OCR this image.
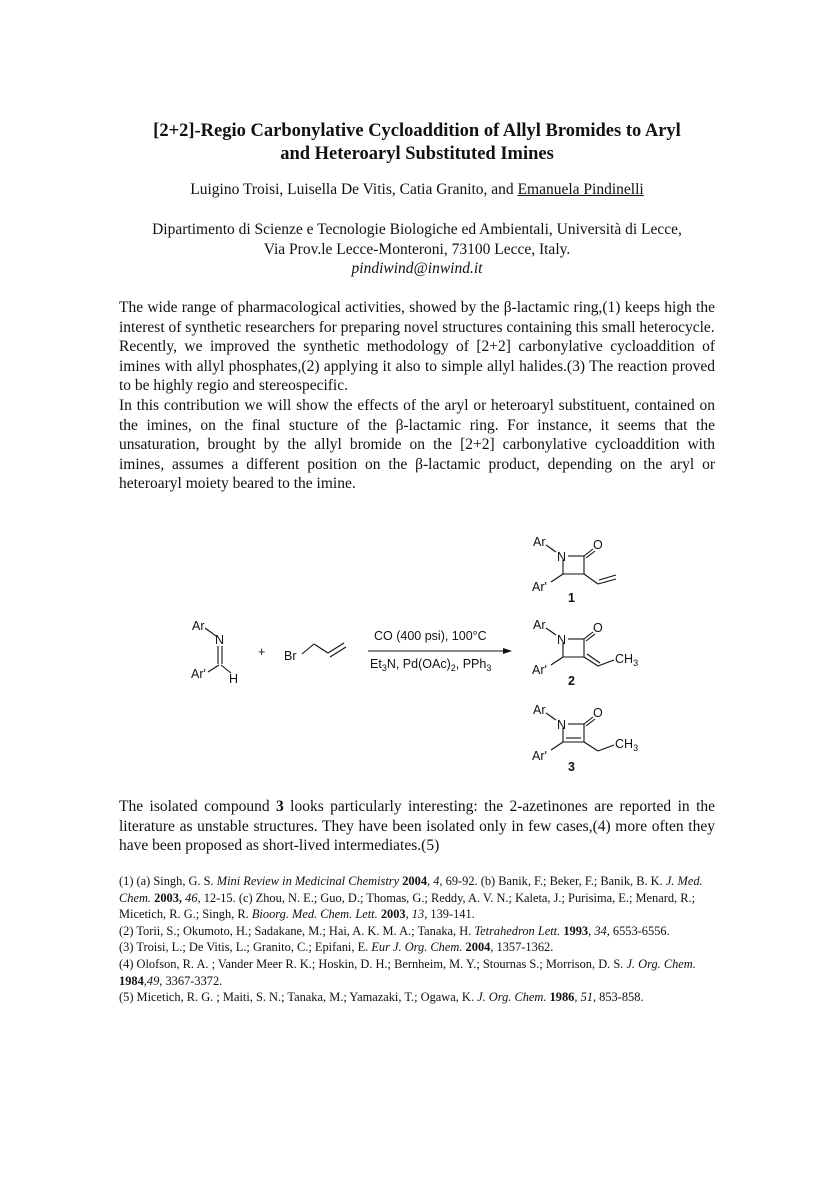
[2+2]-Regio Carbonylative Cycloaddition of Allyl Bromides to Aryl
and Heteroaryl Substituted Imines
Luigino Troisi, Luisella De Vitis, Catia Granito, and Emanuela Pindinelli
Dipartimento di Scienze e Tecnologie Biologiche ed Ambientali, Università di Lecce,
Via Prov.le Lecce-Monteroni, 73100 Lecce, Italy.
pindiwind@inwind.it

The wide range of pharmacological activities, showed by the β-lactamic ring,(1) keeps high the interest of synthetic researchers for preparing novel structures containing this small heterocycle.

Recently, we improved the synthetic methodology of [2+2] carbonylative cycloaddition of imines with allyl phosphates,(2) applying it also to simple allyl halides.(3) The reaction proved to be highly regio and stereospecific.

In this contribution we will show the effects of the aryl or heteroaryl substituent, contained on the imines, on the final stucture of the β-lactamic ring. For instance, it seems that the unsaturation, brought by the allyl bromide on the [2+2] carbonylative cycloaddition with imines, assumes a different position on the β-lactamic product, depending on the aryl or heteroaryl moiety beared to the imine.

Ar
N
Ar' H
+ Br
CO (400 psi), 100°C
$Et_3N$, $Pd(OAc)_2$, PPh$_3$
Ar
N
O
Ar'
1
Ar
N
O
Ar'
$CH_3$
2
Ar
N
O
Ar'
$CH_3$
3

The isolated compound 3 looks particularly interesting: the 2-azetinones are reported in the literature as unstable structures. They have been isolated only in few cases,(4) more often they have been proposed as short-lived intermediates.(5)

(1) (a) Singh, G. S. Mini Review in Medicinal Chemistry 2004, 4, 69-92. (b) Banik, F.; Beker, F.; Banik, B. K. J. Med. Chem. 2003, 46, 12-15. (c) Zhou, N. E.; Guo, D.; Thomas, G.; Reddy, A. V. N.; Kaleta, J.; Purisima, E.; Menard, R.; Micetich, R. G.; Singh, R. Bioorg. Med. Chem. Lett. 2003, 13, 139-141.

(2) Torii, S.; Okumoto, H.; Sadakane, M.; Hai, A. K. M. A.; Tanaka, H. Tetrahedron Lett. 1993, 34, 6553-6556.

(3) Troisi, L.; De Vitis, L.; Granito, C.; Epifani, E. Eur J. Org. Chem. 2004, 1357-1362.

(4) Olofson, R. A. ; Vander Meer R. K.; Hoskin, D. H.; Bernheim, M. Y.; Stournas S.; Morrison, D. S. J. Org. Chem. 1984,49, 3367-3372.

(5) Micetich, R. G. ; Maiti, S. N.; Tanaka, M.; Yamazaki, T.; Ogawa, K. J. Org. Chem. 1986, 51, 853-858.
